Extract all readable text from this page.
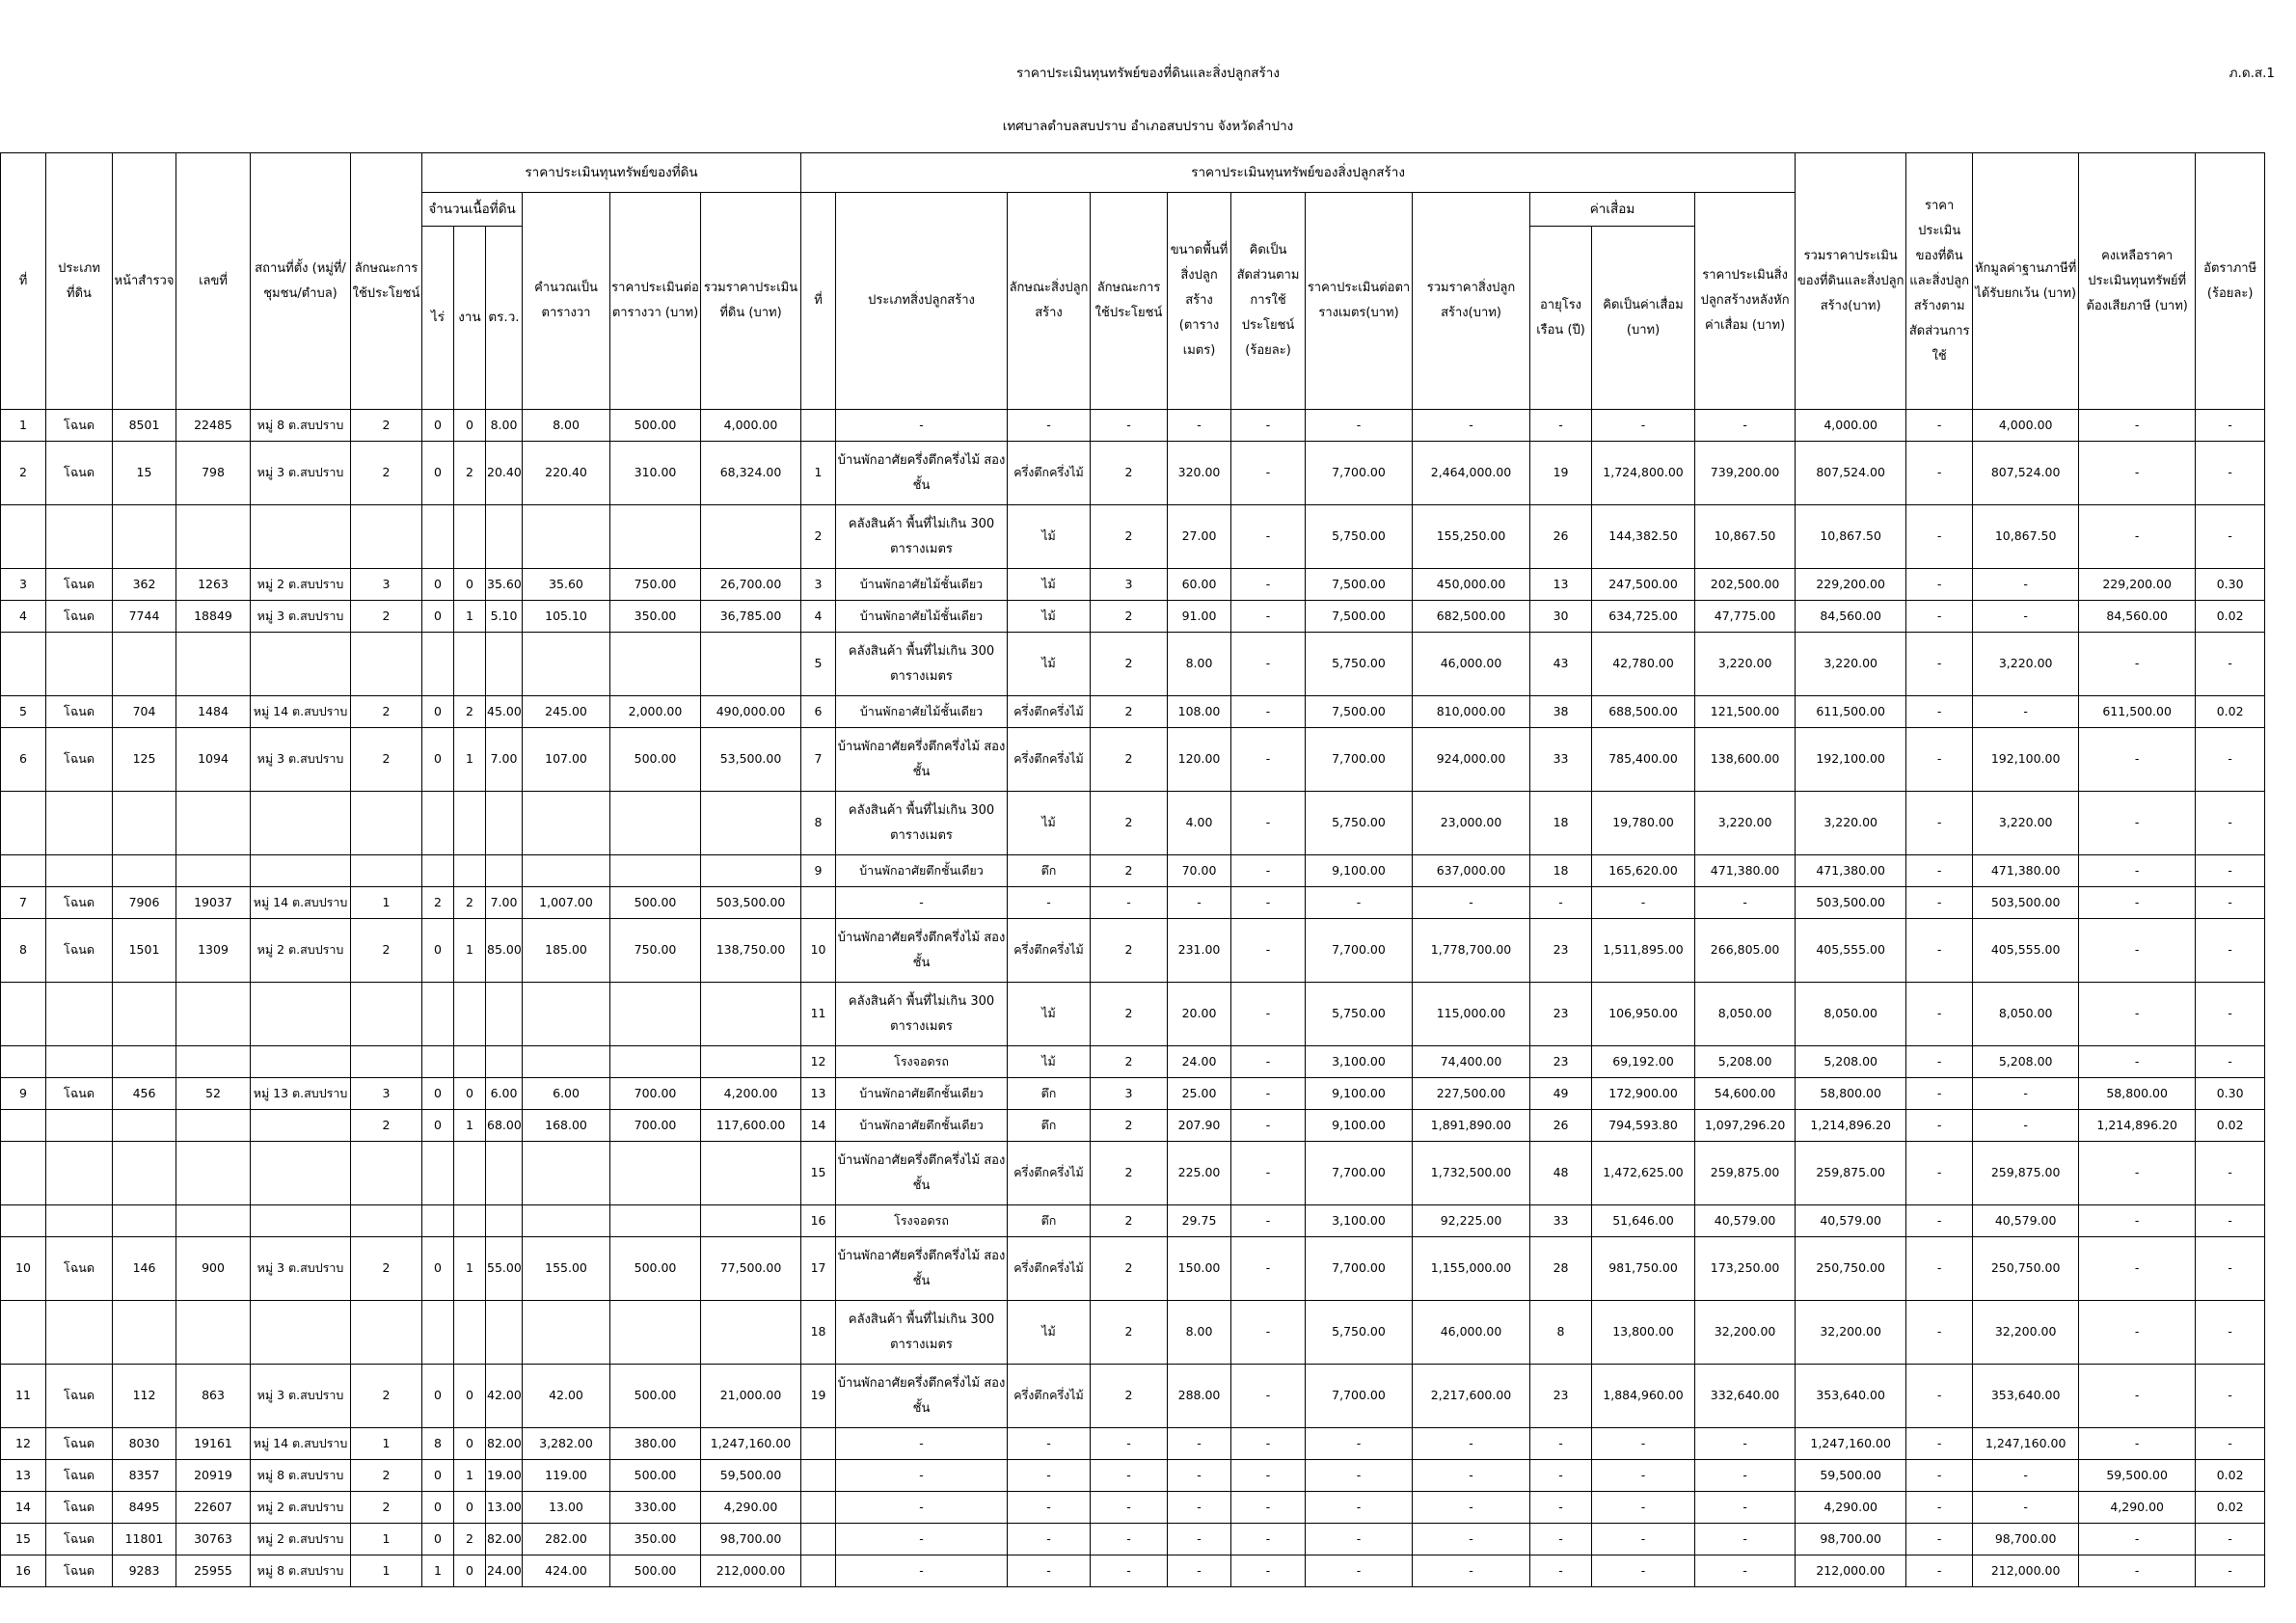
ราคาประเมินทุนทรัพย์ของที่ดินและสิ่งปลูกสร้าง
เทศบาลตำบลสบปราบ อำเภอสบปราบ จังหวัดลำปาง
ภ.ด.ส.1
ที่	ประเภทที่ดิน	หน้าสำรวจ	เลขที่	สถานที่ตั้ง (หมู่ที่/ชุมชน/ตำบล)	ลักษณะการใช้ประโยชน์	ราคาประเมินทุนทรัพย์ของที่ดิน						ราคาประเมินทุนทรัพย์ของสิ่งปลูกสร้าง											รวมราคาประเมินของที่ดินและสิ่งปลูกสร้าง(บาท)	ราคาประเมินของที่ดินและสิ่งปลูกสร้างตามสัดส่วนการใช้	หักมูลค่าฐานภาษีที่ได้รับยกเว้น (บาท)	คงเหลือราคาประเมินทุนทรัพย์ที่ต้องเสียภาษี (บาท)	อัตราภาษี (ร้อยละ)
						จำนวนเนื้อที่ดิน			คำนวณเป็นตารางวา	ราคาประเมินต่อ ตารางวา (บาท)	รวมราคาประเมินที่ดิน (บาท)	ที่	ประเภทสิ่งปลูกสร้าง	ลักษณะสิ่งปลูกสร้าง	ลักษณะการใช้ประโยชน์	ขนาดพื้นที่สิ่งปลูกสร้าง (ตารางเมตร)	คิดเป็นสัดส่วนตามการใช้ประโยชน์ (ร้อยละ)	ราคาประเมินต่อตารางเมตร(บาท)	รวมราคาสิ่งปลูกสร้าง(บาท)	ค่าเสื่อม		ราคาประเมินสิ่งปลูกสร้างหลังหักค่าเสื่อม (บาท)					
						ไร่	งาน	ตร.ว.												อายุโรงเรือน (ปี)	คิดเป็นค่าเสื่อม (บาท)						
1	โฉนด	8501	22485	หมู่ 8 ต.สบปราบ	2	0	0	8.00	8.00	500.00	4,000.00		-	-	-	-	-	-	-	-	-	-	4,000.00	-	4,000.00	-	-
2	โฉนด	15	798	หมู่ 3 ต.สบปราบ	2	0	2	20.40	220.40	310.00	68,324.00	1	บ้านพักอาศัยครึ่งตึกครึ่งไม้ สองชั้น	ครึ่งตึกครึ่งไม้	2	320.00	-	7,700.00	2,464,000.00	19	1,724,800.00	739,200.00	807,524.00	-	807,524.00	-	-
												2	คลังสินค้า พื้นที่ไม่เกิน 300 ตารางเมตร	ไม้	2	27.00	-	5,750.00	155,250.00	26	144,382.50	10,867.50	10,867.50	-	10,867.50	-	-
3	โฉนด	362	1263	หมู่ 2 ต.สบปราบ	3	0	0	35.60	35.60	750.00	26,700.00	3	บ้านพักอาศัยไม้ชั้นเดียว	ไม้	3	60.00	-	7,500.00	450,000.00	13	247,500.00	202,500.00	229,200.00	-	-	229,200.00	0.30
4	โฉนด	7744	18849	หมู่ 3 ต.สบปราบ	2	0	1	5.10	105.10	350.00	36,785.00	4	บ้านพักอาศัยไม้ชั้นเดียว	ไม้	2	91.00	-	7,500.00	682,500.00	30	634,725.00	47,775.00	84,560.00	-	-	84,560.00	0.02
												5	คลังสินค้า พื้นที่ไม่เกิน 300 ตารางเมตร	ไม้	2	8.00	-	5,750.00	46,000.00	43	42,780.00	3,220.00	3,220.00	-	3,220.00	-	-
5	โฉนด	704	1484	หมู่ 14 ต.สบปราบ	2	0	2	45.00	245.00	2,000.00	490,000.00	6	บ้านพักอาศัยไม้ชั้นเดียว	ครึ่งตึกครึ่งไม้	2	108.00	-	7,500.00	810,000.00	38	688,500.00	121,500.00	611,500.00	-	-	611,500.00	0.02
6	โฉนด	125	1094	หมู่ 3 ต.สบปราบ	2	0	1	7.00	107.00	500.00	53,500.00	7	บ้านพักอาศัยครึ่งตึกครึ่งไม้ สองชั้น	ครึ่งตึกครึ่งไม้	2	120.00	-	7,700.00	924,000.00	33	785,400.00	138,600.00	192,100.00	-	192,100.00	-	-
												8	คลังสินค้า พื้นที่ไม่เกิน 300 ตารางเมตร	ไม้	2	4.00	-	5,750.00	23,000.00	18	19,780.00	3,220.00	3,220.00	-	3,220.00	-	-
												9	บ้านพักอาศัยตึกชั้นเดียว	ตึก	2	70.00	-	9,100.00	637,000.00	18	165,620.00	471,380.00	471,380.00	-	471,380.00	-	-
7	โฉนด	7906	19037	หมู่ 14 ต.สบปราบ	1	2	2	7.00	1,007.00	500.00	503,500.00		-	-	-	-	-	-	-	-	-	-	503,500.00	-	503,500.00	-	-
8	โฉนด	1501	1309	หมู่ 2 ต.สบปราบ	2	0	1	85.00	185.00	750.00	138,750.00	10	บ้านพักอาศัยครึ่งตึกครึ่งไม้ สองชั้น	ครึ่งตึกครึ่งไม้	2	231.00	-	7,700.00	1,778,700.00	23	1,511,895.00	266,805.00	405,555.00	-	405,555.00	-	-
												11	คลังสินค้า พื้นที่ไม่เกิน 300 ตารางเมตร	ไม้	2	20.00	-	5,750.00	115,000.00	23	106,950.00	8,050.00	8,050.00	-	8,050.00	-	-
												12	โรงจอดรถ	ไม้	2	24.00	-	3,100.00	74,400.00	23	69,192.00	5,208.00	5,208.00	-	5,208.00	-	-
9	โฉนด	456	52	หมู่ 13 ต.สบปราบ	3	0	0	6.00	6.00	700.00	4,200.00	13	บ้านพักอาศัยตึกชั้นเดียว	ตึก	3	25.00	-	9,100.00	227,500.00	49	172,900.00	54,600.00	58,800.00	-	-	58,800.00	0.30
					2	0	1	68.00	168.00	700.00	117,600.00	14	บ้านพักอาศัยตึกชั้นเดียว	ตึก	2	207.90	-	9,100.00	1,891,890.00	26	794,593.80	1,097,296.20	1,214,896.20	-	-	1,214,896.20	0.02
												15	บ้านพักอาศัยครึ่งตึกครึ่งไม้ สองชั้น	ครึ่งตึกครึ่งไม้	2	225.00	-	7,700.00	1,732,500.00	48	1,472,625.00	259,875.00	259,875.00	-	259,875.00	-	-
												16	โรงจอดรถ	ตึก	2	29.75	-	3,100.00	92,225.00	33	51,646.00	40,579.00	40,579.00	-	40,579.00	-	-
10	โฉนด	146	900	หมู่ 3 ต.สบปราบ	2	0	1	55.00	155.00	500.00	77,500.00	17	บ้านพักอาศัยครึ่งตึกครึ่งไม้ สองชั้น	ครึ่งตึกครึ่งไม้	2	150.00	-	7,700.00	1,155,000.00	28	981,750.00	173,250.00	250,750.00	-	250,750.00	-	-
												18	คลังสินค้า พื้นที่ไม่เกิน 300 ตารางเมตร	ไม้	2	8.00	-	5,750.00	46,000.00	8	13,800.00	32,200.00	32,200.00	-	32,200.00	-	-
11	โฉนด	112	863	หมู่ 3 ต.สบปราบ	2	0	0	42.00	42.00	500.00	21,000.00	19	บ้านพักอาศัยครึ่งตึกครึ่งไม้ สองชั้น	ครึ่งตึกครึ่งไม้	2	288.00	-	7,700.00	2,217,600.00	23	1,884,960.00	332,640.00	353,640.00	-	353,640.00	-	-
12	โฉนด	8030	19161	หมู่ 14 ต.สบปราบ	1	8	0	82.00	3,282.00	380.00	1,247,160.00		-	-	-	-	-	-	-	-	-	-	1,247,160.00	-	1,247,160.00	-	-
13	โฉนด	8357	20919	หมู่ 8 ต.สบปราบ	2	0	1	19.00	119.00	500.00	59,500.00		-	-	-	-	-	-	-	-	-	-	59,500.00	-	-	59,500.00	0.02
14	โฉนด	8495	22607	หมู่ 2 ต.สบปราบ	2	0	0	13.00	13.00	330.00	4,290.00		-	-	-	-	-	-	-	-	-	-	4,290.00	-	-	4,290.00	0.02
15	โฉนด	11801	30763	หมู่ 2 ต.สบปราบ	1	0	2	82.00	282.00	350.00	98,700.00		-	-	-	-	-	-	-	-	-	-	98,700.00	-	98,700.00	-	-
16	โฉนด	9283	25955	หมู่ 8 ต.สบปราบ	1	1	0	24.00	424.00	500.00	212,000.00		-	-	-	-	-	-	-	-	-	-	212,000.00	-	212,000.00	-	-
